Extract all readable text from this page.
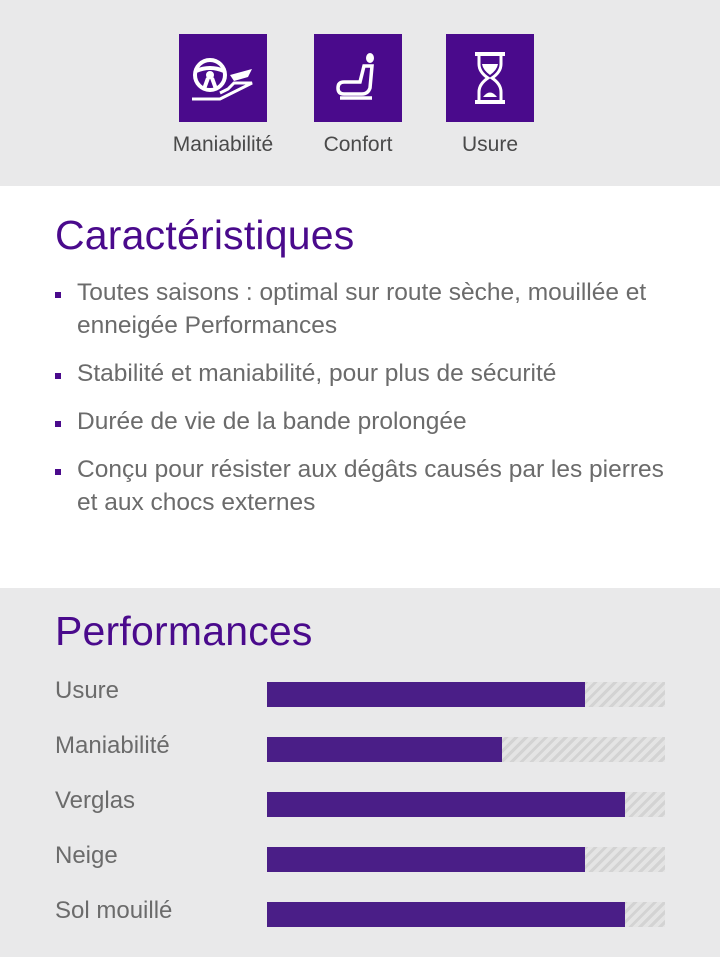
Maniabilité	Confort	Usure
Caractéristiques
Toutes saisons : optimal sur route sèche, mouillée et enneigée Performances
Stabilité et maniabilité, pour plus de sécurité
Durée de vie de la bande prolongée
Conçu pour résister aux dégâts causés par les pierres et aux chocs externes
Performances
Usure
Maniabilité
Verglas
Neige
Sol mouillé
